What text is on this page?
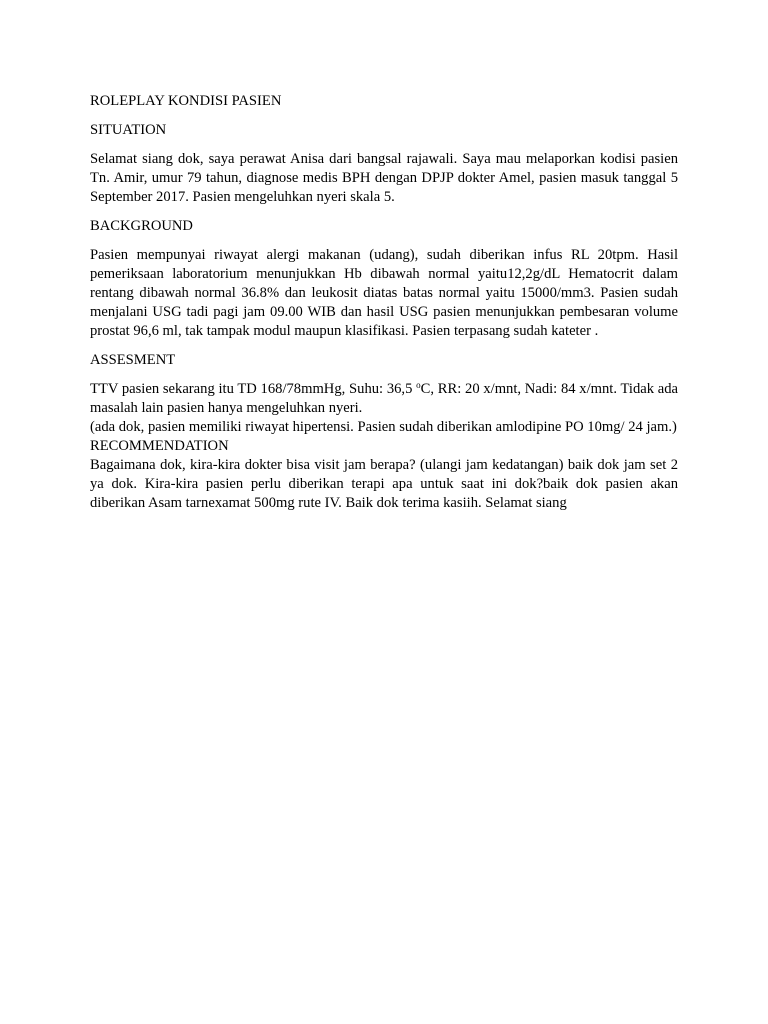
ROLEPLAY KONDISI PASIEN
SITUATION
Selamat siang dok, saya perawat Anisa dari bangsal rajawali. Saya mau melaporkan kodisi pasien Tn. Amir, umur 79 tahun, diagnose medis BPH dengan DPJP dokter Amel, pasien masuk tanggal 5 September 2017. Pasien mengeluhkan nyeri skala 5.
BACKGROUND
Pasien mempunyai riwayat alergi makanan (udang), sudah diberikan infus RL 20tpm. Hasil pemeriksaan laboratorium menunjukkan Hb dibawah normal yaitu12,2g/dL Hematocrit dalam rentang dibawah normal 36.8% dan leukosit diatas batas normal yaitu 15000/mm3. Pasien sudah menjalani USG tadi pagi jam 09.00 WIB dan hasil USG pasien menunjukkan pembesaran volume prostat 96,6 ml, tak tampak modul maupun klasifikasi. Pasien terpasang sudah kateter .
ASSESMENT
TTV pasien sekarang itu TD 168/78mmHg, Suhu: 36,5 $^o$C, RR: 20 x/mnt, Nadi: 84 x/mnt. Tidak ada masalah lain pasien hanya mengeluhkan nyeri.
(ada dok, pasien memiliki riwayat hipertensi. Pasien sudah diberikan amlodipine PO 10mg/ 24 jam.)
RECOMMENDATION
Bagaimana dok, kira-kira dokter bisa visit jam berapa? (ulangi jam kedatangan) baik dok jam set 2 ya dok. Kira-kira pasien perlu diberikan terapi apa untuk saat ini dok?baik dok pasien akan diberikan Asam tarnexamat 500mg rute IV. Baik dok terima kasiih. Selamat siang
